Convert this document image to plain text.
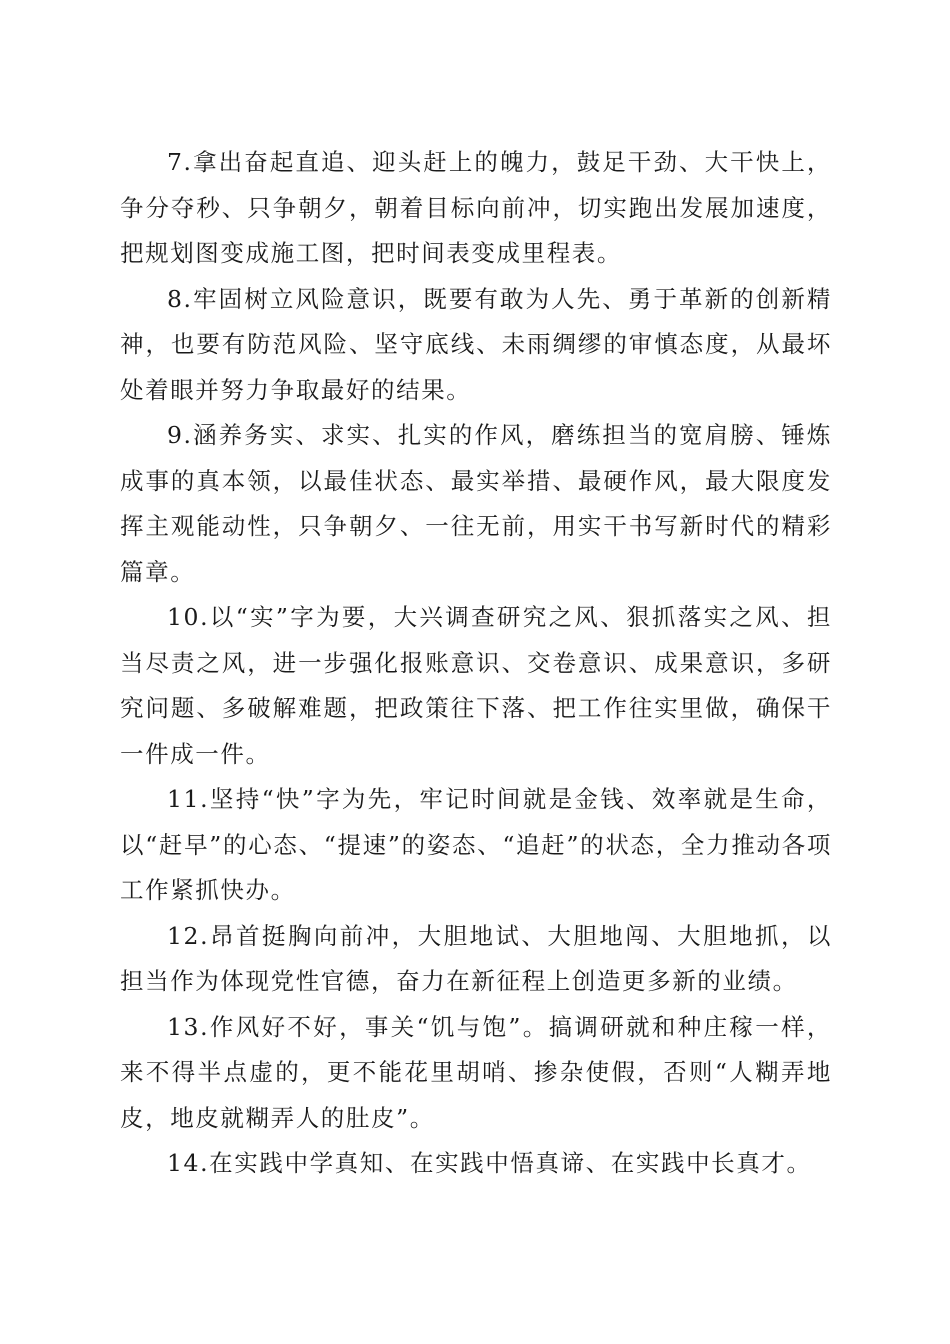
7.拿出奋起直追、迎头赶上的魄力，鼓足干劲、大干快上，争分夺秒、只争朝夕，朝着目标向前冲，切实跑出发展加速度，把规划图变成施工图，把时间表变成里程表。

8.牢固树立风险意识，既要有敢为人先、勇于革新的创新精神，也要有防范风险、坚守底线、未雨绸缪的审慎态度，从最坏处着眼并努力争取最好的结果。

9.涵养务实、求实、扎实的作风，磨练担当的宽肩膀、锤炼成事的真本领，以最佳状态、最实举措、最硬作风，最大限度发挥主观能动性，只争朝夕、一往无前，用实干书写新时代的精彩篇章。

10.以“实”字为要，大兴调查研究之风、狠抓落实之风、担当尽责之风，进一步强化报账意识、交卷意识、成果意识，多研究问题、多破解难题，把政策往下落、把工作往实里做，确保干一件成一件。

11.坚持“快”字为先，牢记时间就是金钱、效率就是生命，以“赶早”的心态、“提速”的姿态、“追赶”的状态，全力推动各项工作紧抓快办。

12.昂首挺胸向前冲，大胆地试、大胆地闯、大胆地抓，以担当作为体现党性官德，奋力在新征程上创造更多新的业绩。

13.作风好不好，事关“饥与饱”。搞调研就和种庄稼一样，来不得半点虚的，更不能花里胡哨、掺杂使假，否则“人糊弄地皮，地皮就糊弄人的肚皮”。

14.在实践中学真知、在实践中悟真谛、在实践中长真才。
